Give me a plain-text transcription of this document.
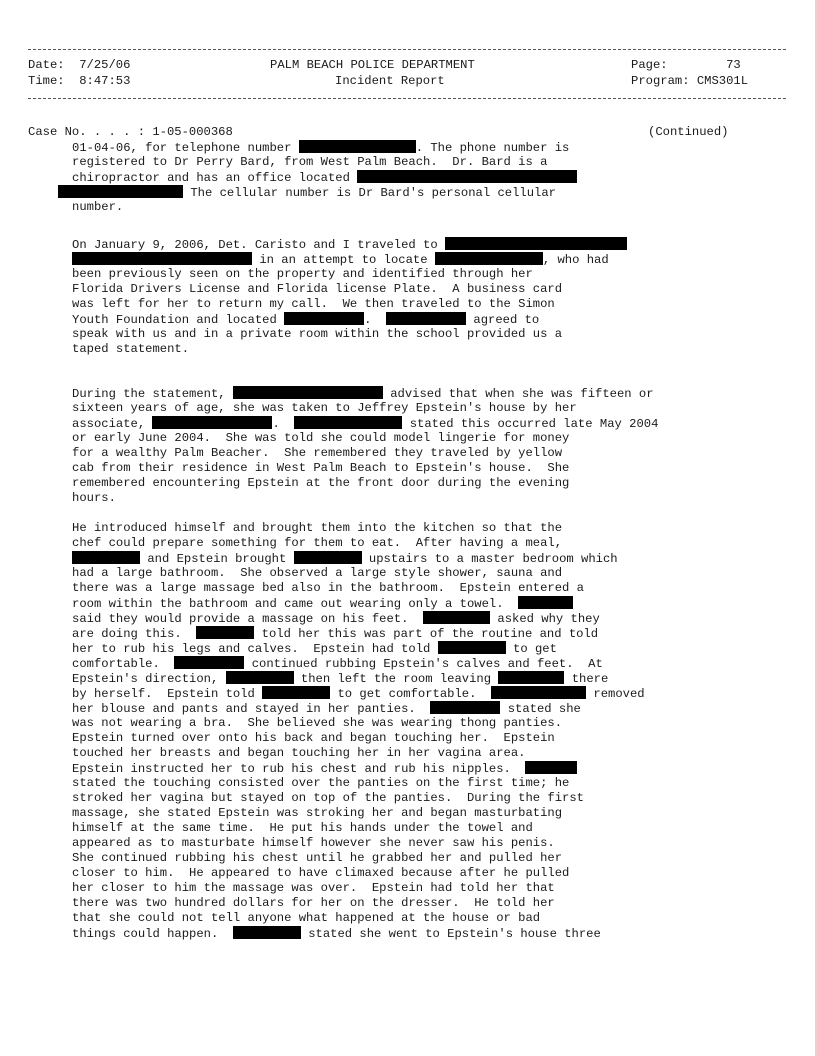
Date: 7/25/06
Time: 8:47:53
PALM BEACH POLICE DEPARTMENT
Incident Report
Page:	73
Program: CMS301L
Case No. . . . : 1-05-000368	(Continued)
01-04-06, for telephone number	. The phone number is
registered to Dr Perry Bard, from West Palm Beach.  Dr. Bard is a
chiropractor and has an office located
The cellular number is Dr Bard's personal cellular
number.
On January 9, 2006, Det. Caristo and I traveled to
in an attempt to locate	, who had
been previously seen on the property and identified through her
Florida Drivers License and Florida license Plate.  A business card
was left for her to return my call.  We then traveled to the Simon
Youth Foundation and located	.	agreed to
speak with us and in a private room within the school provided us a
taped statement.
During the statement,	advised that when she was fifteen or
sixteen years of age, she was taken to Jeffrey Epstein's house by her
associate,	.	stated this occurred late May 2004
or early June 2004.  She was told she could model lingerie for money
for a wealthy Palm Beacher.  She remembered they traveled by yellow
cab from their residence in West Palm Beach to Epstein's house.  She
remembered encountering Epstein at the front door during the evening
hours.
He introduced himself and brought them into the kitchen so that the
chef could prepare something for them to eat.  After having a meal,
and Epstein brought	upstairs to a master bedroom which
had a large bathroom.  She observed a large style shower, sauna and
there was a large massage bed also in the bathroom.  Epstein entered a
room within the bathroom and came out wearing only a towel.
said they would provide a massage on his feet.	asked why they
are doing this.	told her this was part of the routine and told
her to rub his legs and calves.  Epstein had told	to get
comfortable.	continued rubbing Epstein's calves and feet.  At
Epstein's direction,	then left the room leaving	there
by herself.  Epstein told	to get comfortable.	removed
her blouse and pants and stayed in her panties.	stated she
was not wearing a bra.  She believed she was wearing thong panties.
Epstein turned over onto his back and began touching her.  Epstein
touched her breasts and began touching her in her vagina area.
Epstein instructed her to rub his chest and rub his nipples.
stated the touching consisted over the panties on the first time; he
stroked her vagina but stayed on top of the panties.  During the first
massage, she stated Epstein was stroking her and began masturbating
himself at the same time.  He put his hands under the towel and
appeared as to masturbate himself however she never saw his penis.
She continued rubbing his chest until he grabbed her and pulled her
closer to him.  He appeared to have climaxed because after he pulled
her closer to him the massage was over.  Epstein had told her that
there was two hundred dollars for her on the dresser.  He told her
that she could not tell anyone what happened at the house or bad
things could happen.	stated she went to Epstein's house three
